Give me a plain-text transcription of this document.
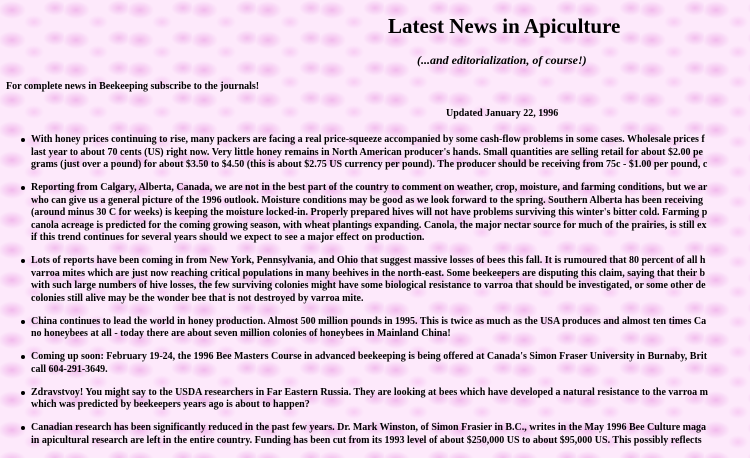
Latest News in Apiculture
(...and editorialization, of course!)
For complete news in Beekeeping subscribe to the journals!
Updated January 22, 1996
With honey prices continuing to rise, many packers are facing a real price-squeeze accompanied by some cash-flow problems in some cases. Wholesale prices f
last year to about 70 cents (US) right now. Very little honey remains in North American producer's hands. Small quantities are selling retail for about $2.00 pe
grams (just over a pound) for about $3.50 to $4.50 (this is about $2.75 US currency per pound). The producer should be receiving from 75c - $1.00 per pound, c
Reporting from Calgary, Alberta, Canada, we are not in the best part of the country to comment on weather, crop, moisture, and farming conditions, but we ar
who can give us a general picture of the 1996 outlook. Moisture conditions may be good as we look forward to the spring. Southern Alberta has been receiving
(around minus 30 C for weeks) is keeping the moisture locked-in. Properly prepared hives will not have problems surviving this winter's bitter cold. Farming p
canola acreage is predicted for the coming growing season, with wheat plantings expanding. Canola, the major nectar source for much of the prairies, is still ex
if this trend continues for several years should we expect to see a major effect on production.
Lots of reports have been coming in from New York, Pennsylvania, and Ohio that suggest massive losses of bees this fall. It is rumoured that 80 percent of all h
varroa mites which are just now reaching critical populations in many beehives in the north-east. Some beekeepers are disputing this claim, saying that their b
with such large numbers of hive losses, the few surviving colonies might have some biological resistance to varroa that should be investigated, or some other de
colonies still alive may be the wonder bee that is not destroyed by varroa mite.
China continues to lead the world in honey production. Almost 500 million pounds in 1995. This is twice as much as the USA produces and almost ten times Ca
no honeybees at all - today there are about seven million colonies of honeybees in Mainland China!
Coming up soon: February 19-24, the 1996 Bee Masters Course in advanced beekeeping is being offered at Canada's Simon Fraser University in Burnaby, Brit
call 604-291-3649.
Zdravstvoy! You might say to the USDA researchers in Far Eastern Russia. They are looking at bees which have developed a natural resistance to the varroa m
which was predicted by beekeepers years ago is about to happen?
Canadian research has been significantly reduced in the past few years. Dr. Mark Winston, of Simon Frasier in B.C., writes in the May 1996 Bee Culture maga
in apicultural research are left in the entire country. Funding has been cut from its 1993 level of about $250,000 US to about $95,000 US. This possibly reflects
